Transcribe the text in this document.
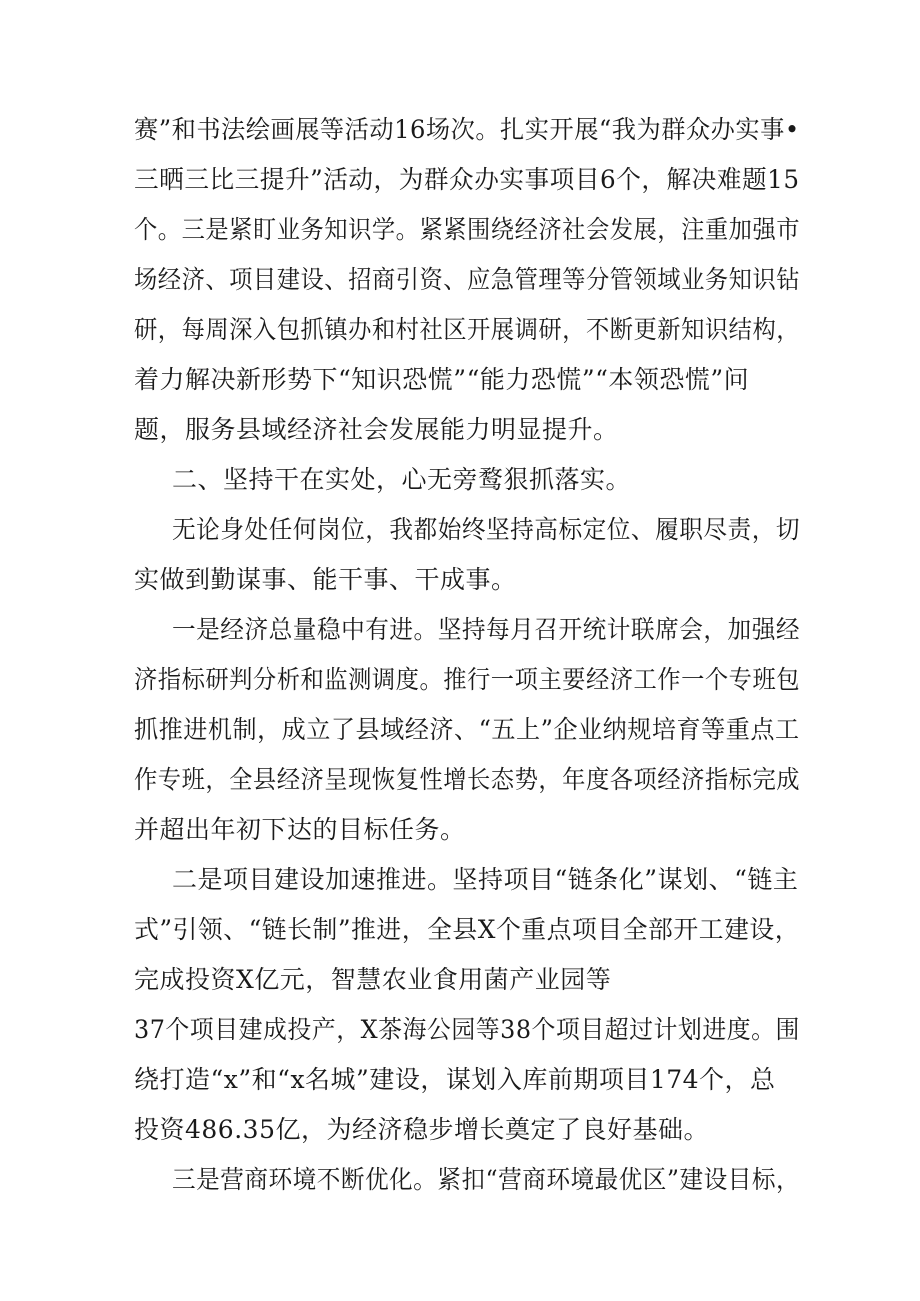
赛”和书法绘画展等活动16场次。扎实开展“我为群众办实事•
三晒三比三提升”活动，为群众办实事项目6个，解决难题15
个。三是紧盯业务知识学。紧紧围绕经济社会发展，注重加强市
场经济、项目建设、招商引资、应急管理等分管领域业务知识钻
研，每周深入包抓镇办和村社区开展调研，不断更新知识结构，
着力解决新形势下“知识恐慌”“能力恐慌”“本领恐慌”问
题，服务县域经济社会发展能力明显提升。
二、坚持干在实处，心无旁鹜狠抓落实。
无论身处任何岗位，我都始终坚持高标定位、履职尽责，切
实做到勤谋事、能干事、干成事。
一是经济总量稳中有进。坚持每月召开统计联席会，加强经
济指标研判分析和监测调度。推行一项主要经济工作一个专班包
抓推进机制，成立了县域经济、“五上”企业纳规培育等重点工
作专班，全县经济呈现恢复性增长态势，年度各项经济指标完成
并超出年初下达的目标任务。
二是项目建设加速推进。坚持项目“链条化”谋划、“链主
式”引领、“链长制”推进，全县X个重点项目全部开工建设，
完成投资X亿元，智慧农业食用菌产业园等
37个项目建成投产，X茶海公园等38个项目超过计划进度。围
绕打造“x”和“x名城”建设，谋划入库前期项目174个，总
投资486.35亿，为经济稳步增长奠定了良好基础。
三是营商环境不断优化。紧扣“营商环境最优区”建设目标，
